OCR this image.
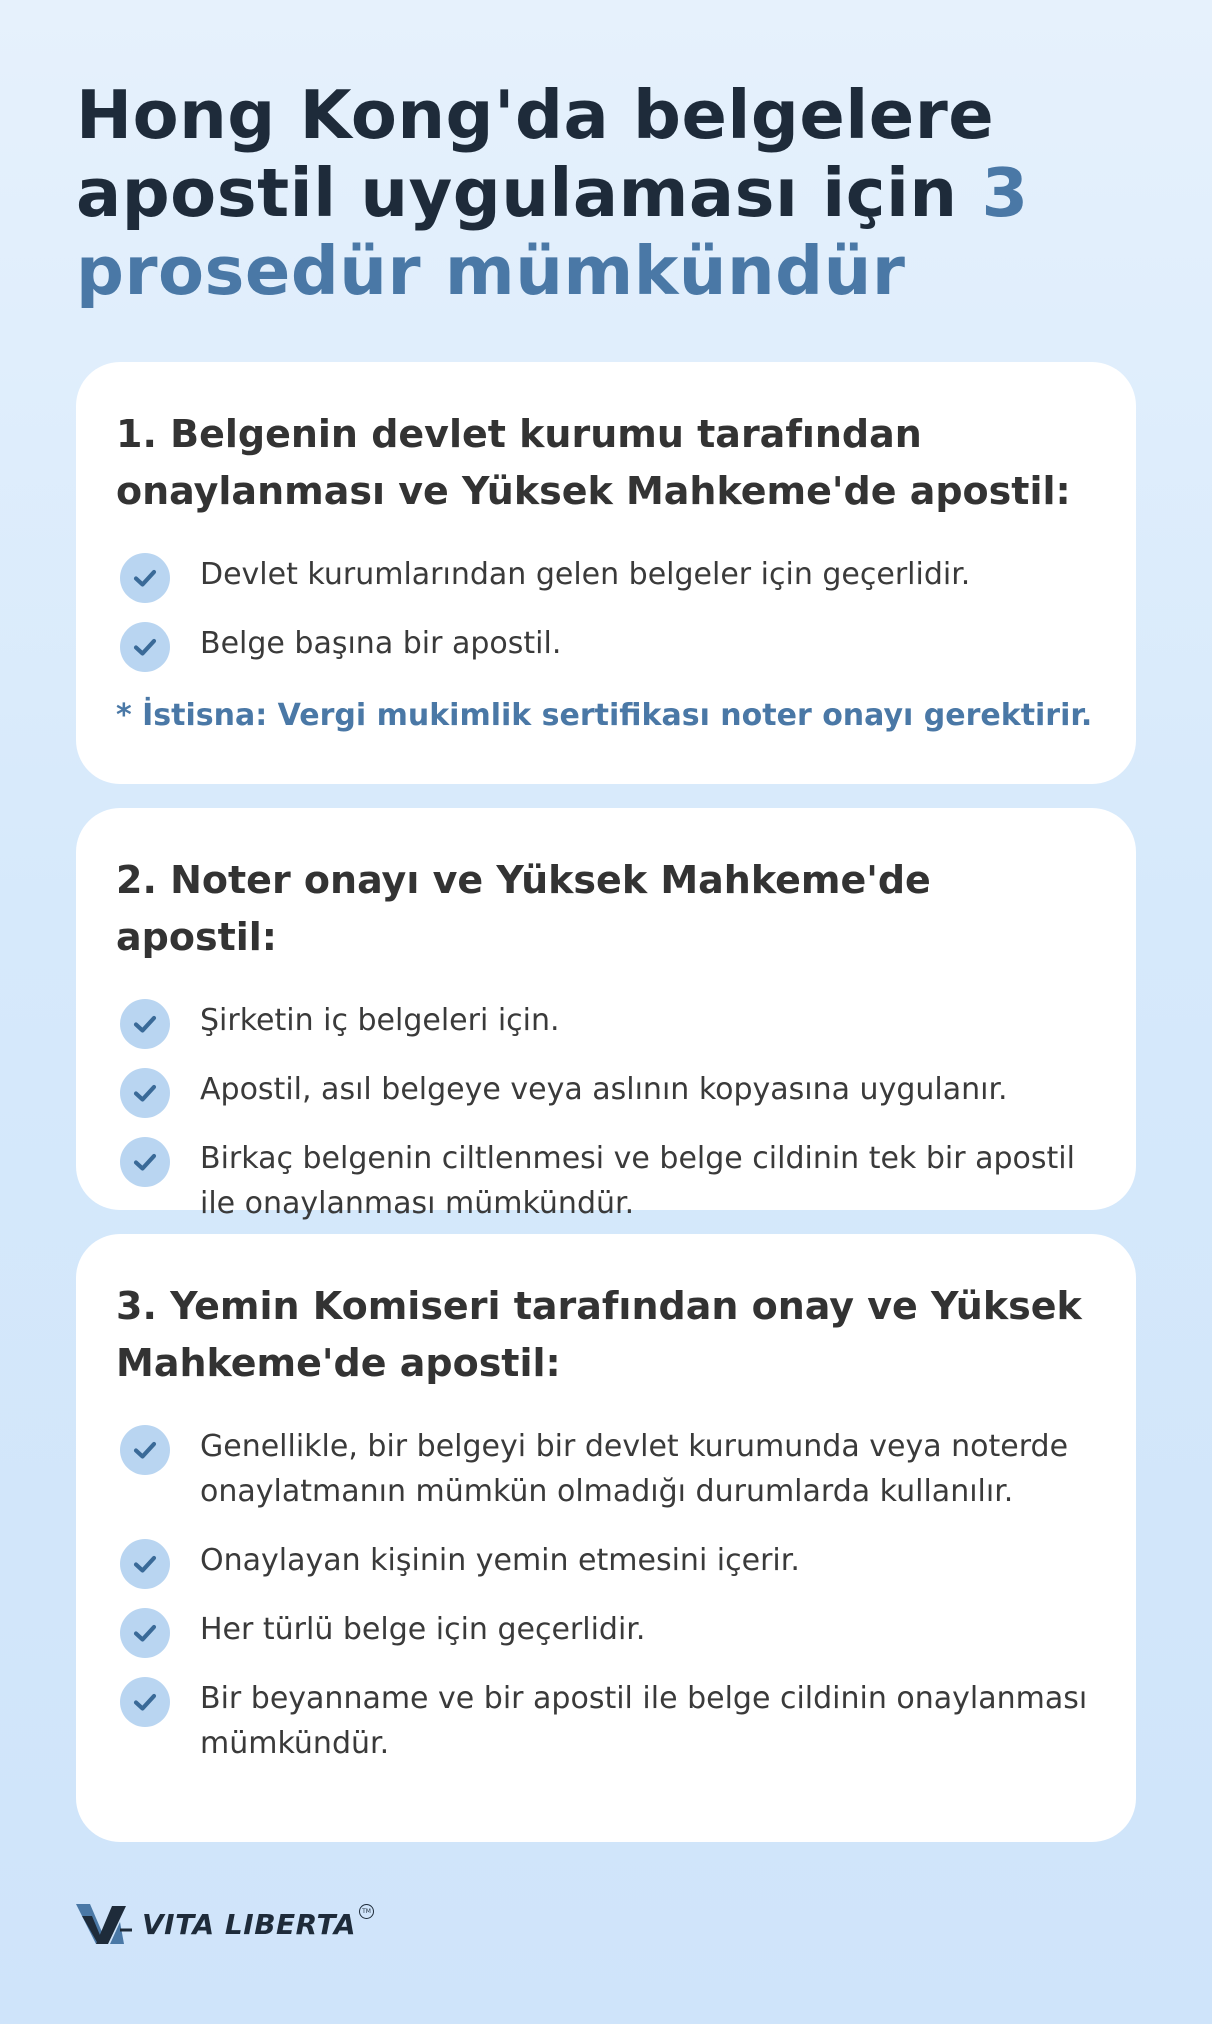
Hong Kong'da belgelere apostil uygulaması için 3 prosedür mümkündür
1. Belgenin devlet kurumu tarafından onaylanması ve Yüksek Mahkeme'de apostil:
Devlet kurumlarından gelen belgeler için geçerlidir.
Belge başına bir apostil.
* İstisna: Vergi mukimlik sertifikası noter onayı gerektirir.
2. Noter onayı ve Yüksek Mahkeme'de apostil:
Şirketin iç belgeleri için.
Apostil, asıl belgeye veya aslının kopyasına uygulanır.
Birkaç belgenin ciltlenmesi ve belge cildinin tek bir apostil ile onaylanması mümkündür.
3. Yemin Komiseri tarafından onay ve Yüksek Mahkeme'de apostil:
Genellikle, bir belgeyi bir devlet kurumunda veya noterde onaylatmanın mümkün olmadığı durumlarda kullanılır.
Onaylayan kişinin yemin etmesini içerir.
Her türlü belge için geçerlidir.
Bir beyanname ve bir apostil ile belge cildinin onaylanması mümkündür.
VITA LIBERTA	TM
